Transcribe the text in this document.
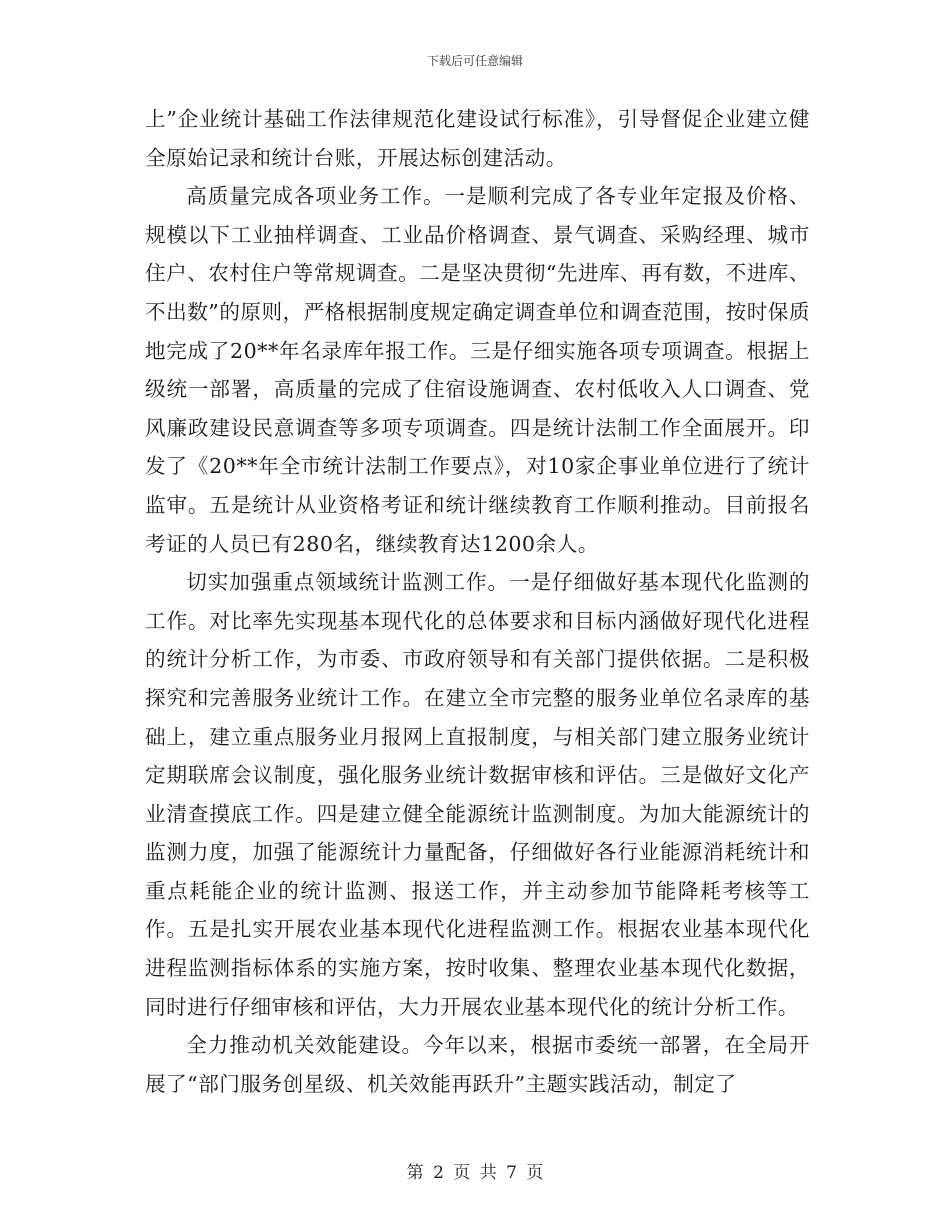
下载后可任意编辑

上”企业统计基础工作法律规范化建设试行标准》，引导督促企业建立健全原始记录和统计台账，开展达标创建活动。

高质量完成各项业务工作。一是顺利完成了各专业年定报及价格、规模以下工业抽样调查、工业品价格调查、景气调查、采购经理、城市住户、农村住户等常规调查。二是坚决贯彻“先进库、再有数，不进库、不出数”的原则，严格根据制度规定确定调查单位和调查范围，按时保质地完成了20**年名录库年报工作。三是仔细实施各项专项调查。根据上级统一部署，高质量的完成了住宿设施调查、农村低收入人口调查、党风廉政建设民意调查等多项专项调查。四是统计法制工作全面展开。印发了《20**年全市统计法制工作要点》，对10家企事业单位进行了统计监审。五是统计从业资格考证和统计继续教育工作顺利推动。目前报名考证的人员已有280名，继续教育达1200余人。

切实加强重点领域统计监测工作。一是仔细做好基本现代化监测的工作。对比率先实现基本现代化的总体要求和目标内涵做好现代化进程的统计分析工作，为市委、市政府领导和有关部门提供依据。二是积极探究和完善服务业统计工作。在建立全市完整的服务业单位名录库的基础上，建立重点服务业月报网上直报制度，与相关部门建立服务业统计定期联席会议制度，强化服务业统计数据审核和评估。三是做好文化产业清查摸底工作。四是建立健全能源统计监测制度。为加大能源统计的监测力度，加强了能源统计力量配备，仔细做好各行业能源消耗统计和重点耗能企业的统计监测、报送工作，并主动参加节能降耗考核等工作。五是扎实开展农业基本现代化进程监测工作。根据农业基本现代化进程监测指标体系的实施方案，按时收集、整理农业基本现代化数据，同时进行仔细审核和评估，大力开展农业基本现代化的统计分析工作。

全力推动机关效能建设。今年以来，根据市委统一部署，在全局开展了“部门服务创星级、机关效能再跃升”主题实践活动，制定了

第 2 页 共 7 页
